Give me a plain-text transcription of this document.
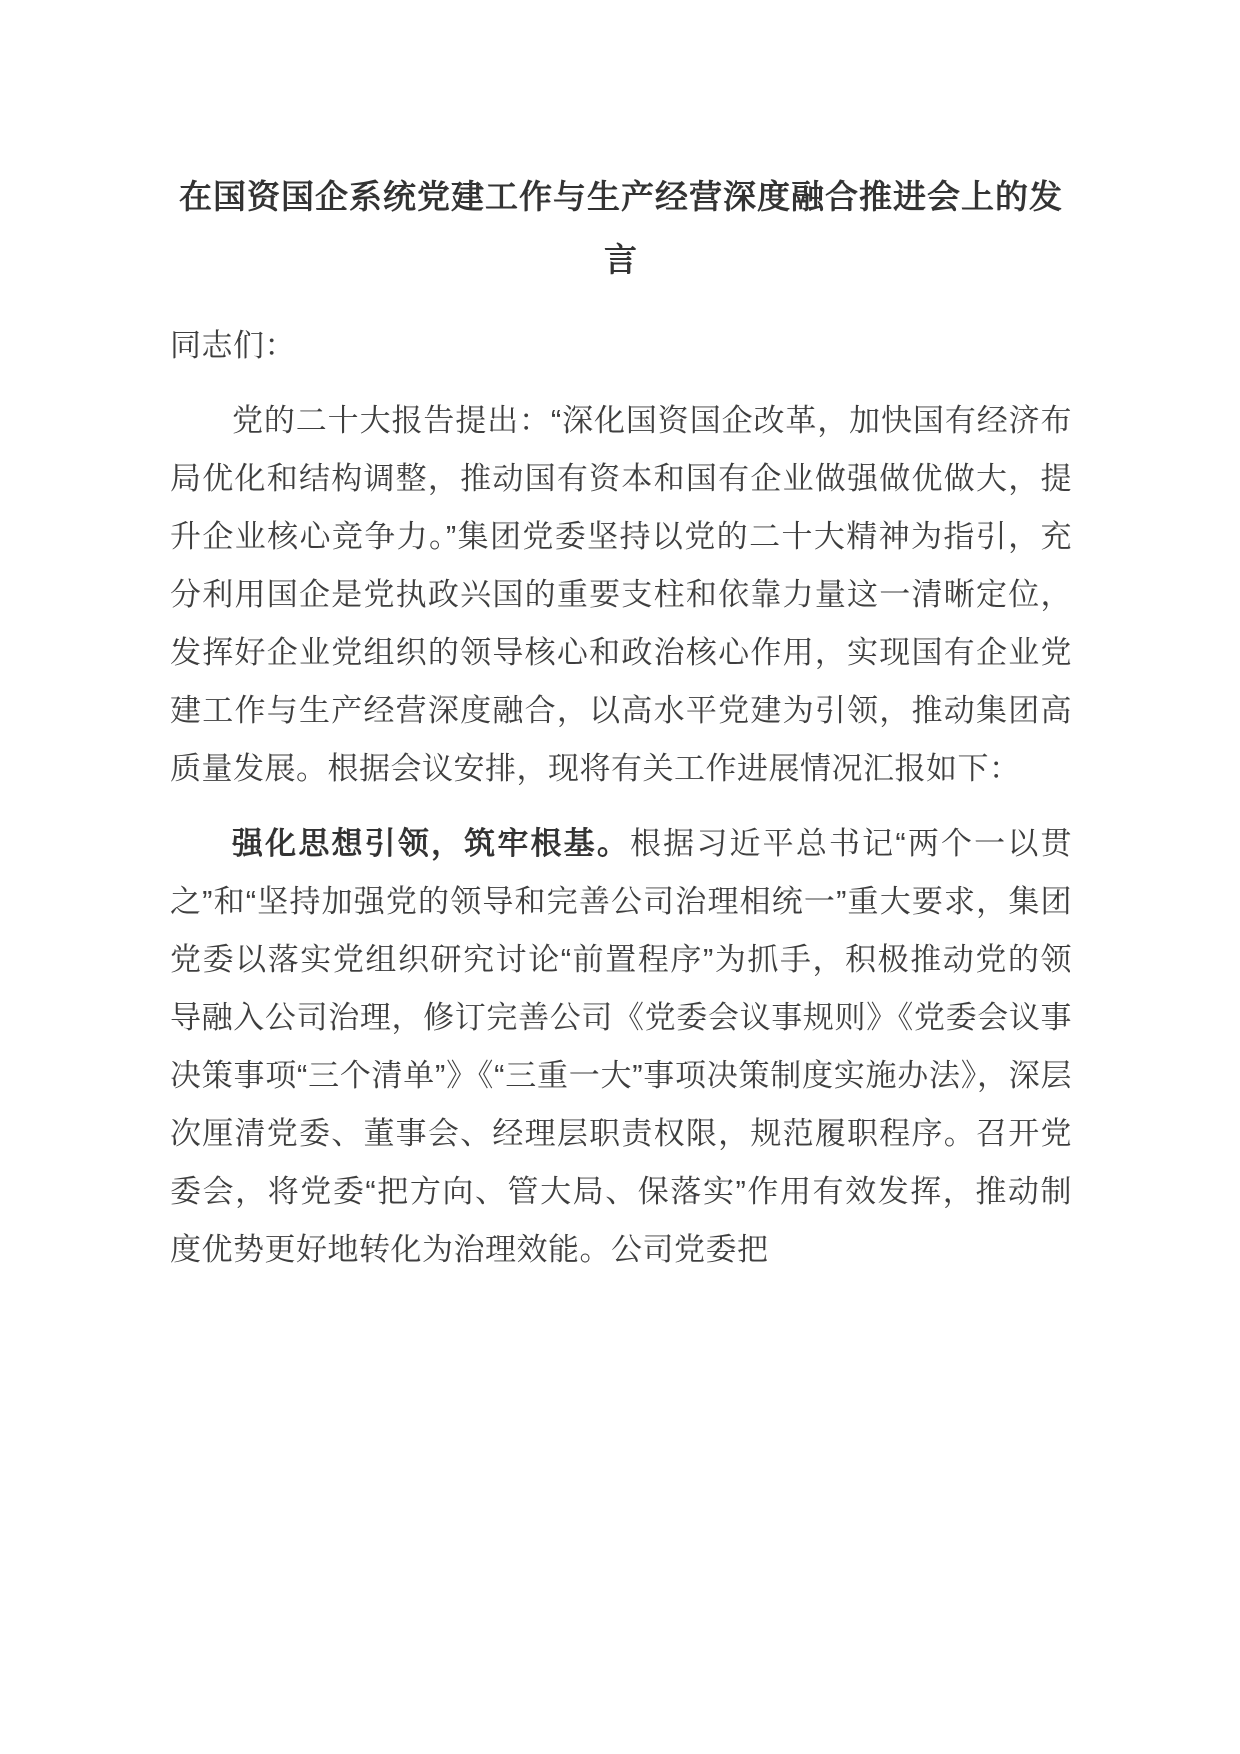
在国资国企系统党建工作与生产经营深度融合推进会上的发言

同志们：

党的二十大报告提出：“深化国资国企改革，加快国有经济布局优化和结构调整，推动国有资本和国有企业做强做优做大，提升企业核心竞争力。”集团党委坚持以党的二十大精神为指引，充分利用国企是党执政兴国的重要支柱和依靠力量这一清晰定位，发挥好企业党组织的领导核心和政治核心作用，实现国有企业党建工作与生产经营深度融合，以高水平党建为引领，推动集团高质量发展。根据会议安排，现将有关工作进展情况汇报如下：

强化思想引领，筑牢根基。根据习近平总书记“两个一以贯之”和“坚持加强党的领导和完善公司治理相统一”重大要求，集团党委以落实党组织研究讨论“前置程序”为抓手，积极推动党的领导融入公司治理，修订完善公司《党委会议事规则》《党委会议事决策事项“三个清单”》《“三重一大”事项决策制度实施办法》，深层次厘清党委、董事会、经理层职责权限，规范履职程序。召开党委会，将党委“把方向、管大局、保落实”作用有效发挥，推动制度优势更好地转化为治理效能。公司党委把
